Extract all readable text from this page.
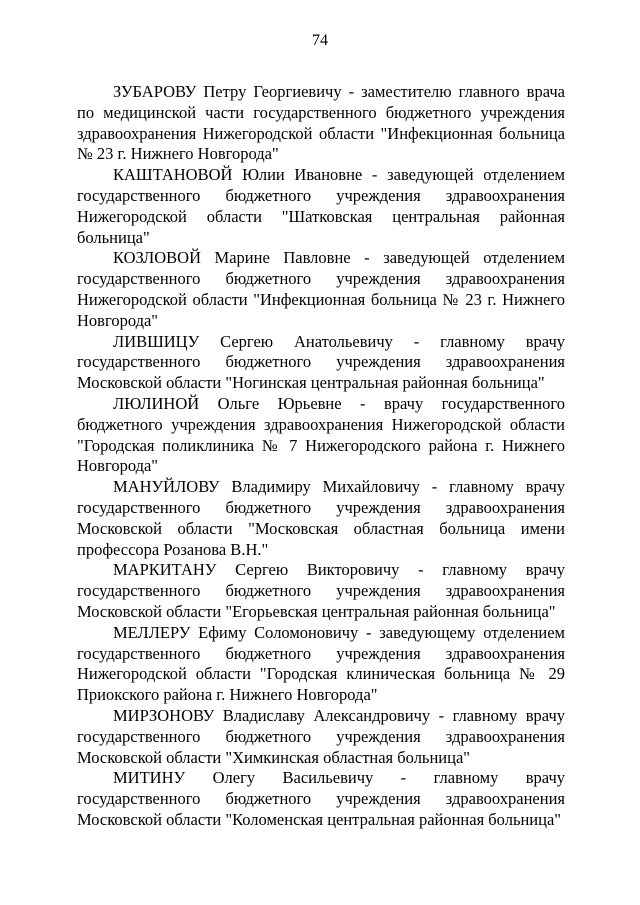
74

ЗУБАРОВУ Петру Георгиевичу - заместителю главного врача по медицинской части государственного бюджетного учреждения здравоохранения Нижегородской области "Инфекционная больница № 23 г. Нижнего Новгорода"

КАШТАНОВОЙ Юлии Ивановне - заведующей отделением государственного бюджетного учреждения здравоохранения Нижегородской области "Шатковская центральная районная больница"

КОЗЛОВОЙ Марине Павловне - заведующей отделением государственного бюджетного учреждения здравоохранения Нижегородской области "Инфекционная больница № 23 г. Нижнего Новгорода"

ЛИВШИЦУ Сергею Анатольевичу - главному врачу государственного бюджетного учреждения здравоохранения Московской области "Ногинская центральная районная больница"

ЛЮЛИНОЙ Ольге Юрьевне - врачу государственного бюджетного учреждения здравоохранения Нижегородской области "Городская поликлиника № 7 Нижегородского района г. Нижнего Новгорода"

МАНУЙЛОВУ Владимиру Михайловичу - главному врачу государственного бюджетного учреждения здравоохранения Московской области "Московская областная больница имени профессора Розанова В.Н."

МАРКИТАНУ Сергею Викторовичу - главному врачу государственного бюджетного учреждения здравоохранения Московской области "Егорьевская центральная районная больница"

МЕЛЛЕРУ Ефиму Соломоновичу - заведующему отделением государственного бюджетного учреждения здравоохранения Нижегородской области "Городская клиническая больница № 29 Приокского района г. Нижнего Новгорода"

МИРЗОНОВУ Владиславу Александровичу - главному врачу государственного бюджетного учреждения здравоохранения Московской области "Химкинская областная больница"

МИТИНУ Олегу Васильевичу - главному врачу государственного бюджетного учреждения здравоохранения Московской области "Коломенская центральная районная больница"
